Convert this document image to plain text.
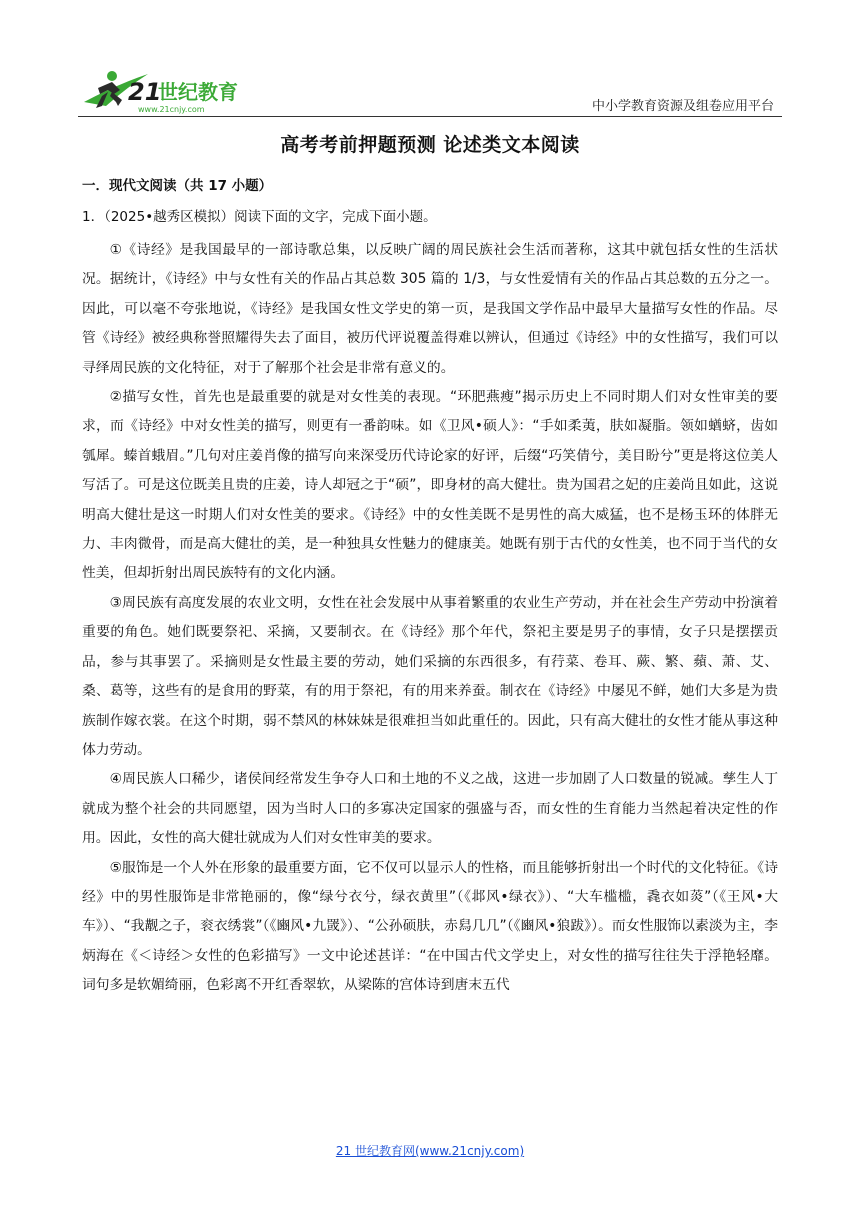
21
世纪教育
www.21cnjy.com	中小学教育资源及组卷应用平台
高考考前押题预测 论述类文本阅读
一．现代文阅读（共 17 小题）
1．（2025•越秀区模拟）阅读下面的文字，完成下面小题。

①《诗经》是我国最早的一部诗歌总集，以反映广阔的周民族社会生活而著称，这其中就包括女性的生活状况。据统计，《诗经》中与女性有关的作品占其总数 305 篇的 1/3，与女性爱情有关的作品占其总数的五分之一。因此，可以毫不夸张地说，《诗经》是我国女性文学史的第一页，是我国文学作品中最早大量描写女性的作品。尽管《诗经》被经典称誉照耀得失去了面目，被历代评说覆盖得难以辨认，但通过《诗经》中的女性描写，我们可以寻绎周民族的文化特征，对于了解那个社会是非常有意义的。

②描写女性，首先也是最重要的就是对女性美的表现。“环肥燕瘦”揭示历史上不同时期人们对女性审美的要求，而《诗经》中对女性美的描写，则更有一番韵味。如《卫风•硕人》：“手如柔荑，肤如凝脂。领如蝤蛴，齿如瓠犀。螓首蛾眉。”几句对庄姜肖像的描写向来深受历代诗论家的好评，后缀“巧笑倩兮，美目盼兮”更是将这位美人写活了。可是这位既美且贵的庄姜，诗人却冠之于“硕”，即身材的高大健壮。贵为国君之妃的庄姜尚且如此，这说明高大健壮是这一时期人们对女性美的要求。《诗经》中的女性美既不是男性的高大威猛，也不是杨玉环的体胖无力、丰肉微骨，而是高大健壮的美，是一种独具女性魅力的健康美。她既有别于古代的女性美，也不同于当代的女性美，但却折射出周民族特有的文化内涵。

③周民族有高度发展的农业文明，女性在社会发展中从事着繁重的农业生产劳动，并在社会生产劳动中扮演着重要的角色。她们既要祭祀、采摘，又要制衣。在《诗经》那个年代，祭祀主要是男子的事情，女子只是摆摆贡品，参与其事罢了。采摘则是女性最主要的劳动，她们采摘的东西很多，有荇菜、卷耳、蕨、繁、蘋、萧、艾、桑、葛等，这些有的是食用的野菜，有的用于祭祀，有的用来养蚕。制衣在《诗经》中屡见不鲜，她们大多是为贵族制作嫁衣裳。在这个时期，弱不禁风的林妹妹是很难担当如此重任的。因此，只有高大健壮的女性才能从事这种体力劳动。

④周民族人口稀少，诸侯间经常发生争夺人口和土地的不义之战，这进一步加剧了人口数量的锐减。孳生人丁就成为整个社会的共同愿望，因为当时人口的多寡决定国家的强盛与否，而女性的生育能力当然起着决定性的作用。因此，女性的高大健壮就成为人们对女性审美的要求。

⑤服饰是一个人外在形象的最重要方面，它不仅可以显示人的性格，而且能够折射出一个时代的文化特征。《诗经》中的男性服饰是非常艳丽的，像“绿兮衣兮，绿衣黄里”（《邶风•绿衣》）、“大车槛槛，毳衣如菼”（《王风•大车》）、“我觏之子，衮衣绣裳”（《豳风•九罭》）、“公孙硕肤，赤舄几几”（《豳风•狼跋》）。而女性服饰以素淡为主，李炳海在《＜诗经＞女性的色彩描写》一文中论述甚详：“在中国古代文学史上，对女性的描写往往失于浮艳轻靡。词句多是软媚绮丽，色彩离不开红香翠软，从梁陈的宫体诗到唐末五代

21 世纪教育网(www.21cnjy.com)
